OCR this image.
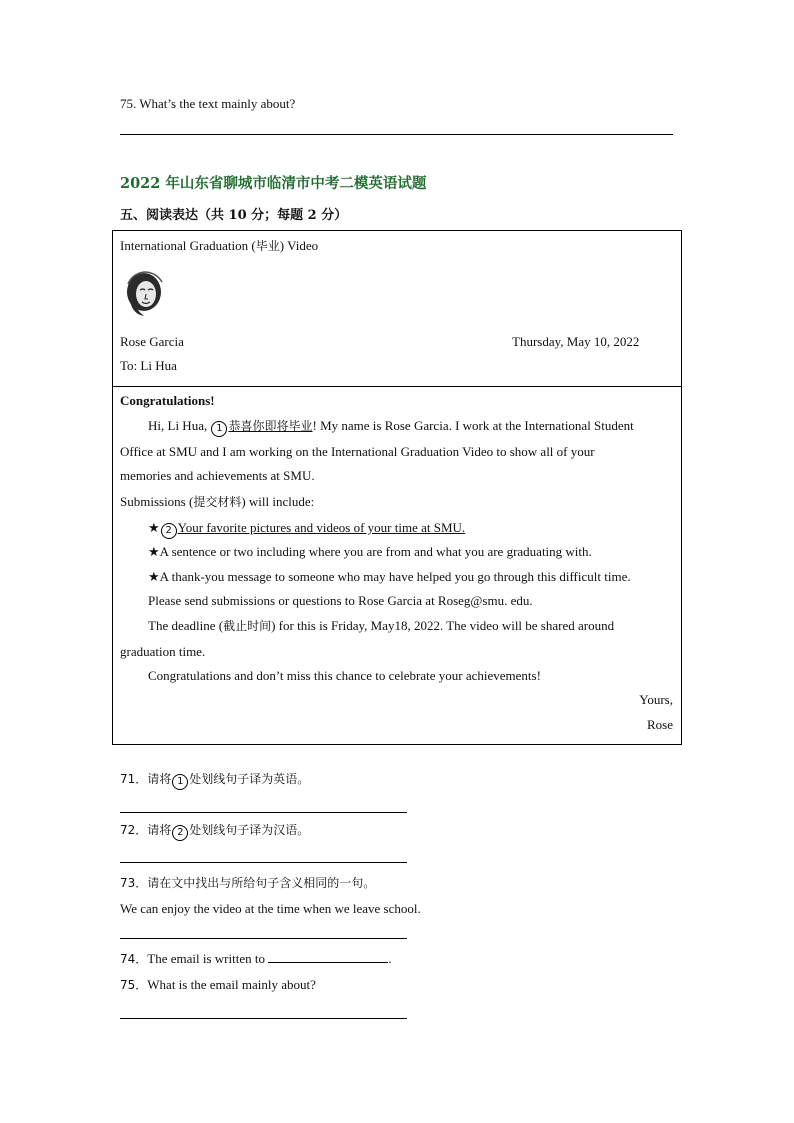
75. What’s the text mainly about?
2022 年山东省聊城市临清市中考二模英语试题
五、阅读表达（共 10 分；每题 2 分）
International Graduation (毕业) Video
Rose Garcia	Thursday, May 10, 2022
To: Li Hua
Congratulations!
Hi, Li Hua, 1 恭喜你即将毕业! My name is Rose Garcia. I work at the International Student
Office at SMU and I am working on the International Graduation Video to show all of your
memories and achievements at SMU.
Submissions (提交材料) will include:
★ 2 Your favorite pictures and videos of your time at SMU.
★A sentence or two including where you are from and what you are graduating with.
★A thank-you message to someone who may have helped you go through this difficult time.
Please send submissions or questions to Rose Garcia at Roseg@smu. edu.
The deadline (截止时间) for this is Friday, May18, 2022. The video will be shared around
graduation time.
Congratulations and don’t miss this chance to celebrate your achievements!
Yours,
Rose
71．请将 1 处划线句子译为英语。
72．请将 2 处划线句子译为汉语。
73．请在文中找出与所给句子含义相同的一句。
We can enjoy the video at the time when we leave school.
74．The email is written to	.
75．What is the email mainly about?
